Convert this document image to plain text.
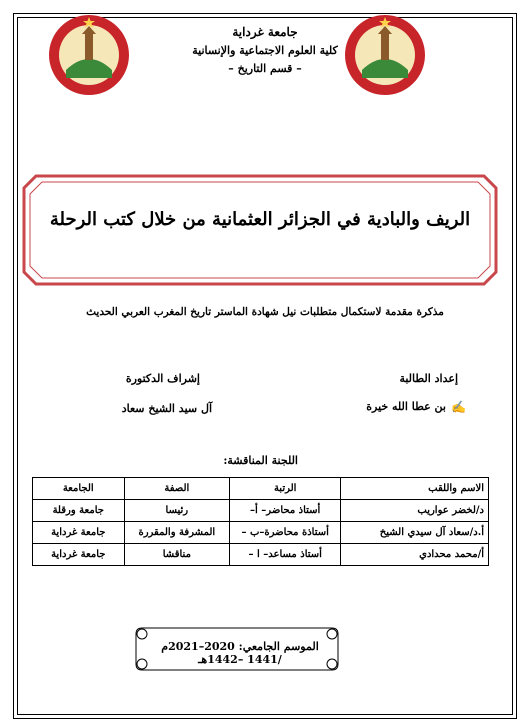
جامعة غرداية
كلية العلوم الاجتماعية والإنسانية
– قسم التاريخ –
الريف والبادية في الجزائر العثمانية من خلال كتب الرحلة
مذكرة مقدمة لاستكمال متطلبات نيل شهادة الماستر تاريخ المغرب العربي الحديث
إعداد الطالبة
✍
بن عطا الله خيرة
إشراف الدكتورة
آل سيد الشيخ سعاد
اللجنة المناقشة:
الاسم واللقب	الرتبة	الصفة	الجامعة
د/لخضر عواريب	أستاذ محاضر– أ–	رئيسا	جامعة ورقلة
أ.د/سعاد آل سيدي الشيخ	أستاذة محاضرة–ب –	المشرفة والمقررة	جامعة غرداية
أ/محمد محدادي	أستاذ مساعد– ا –	مناقشا	جامعة غرداية
الموسم الجامعي: 2020–2021م /1441 –1442هـ
